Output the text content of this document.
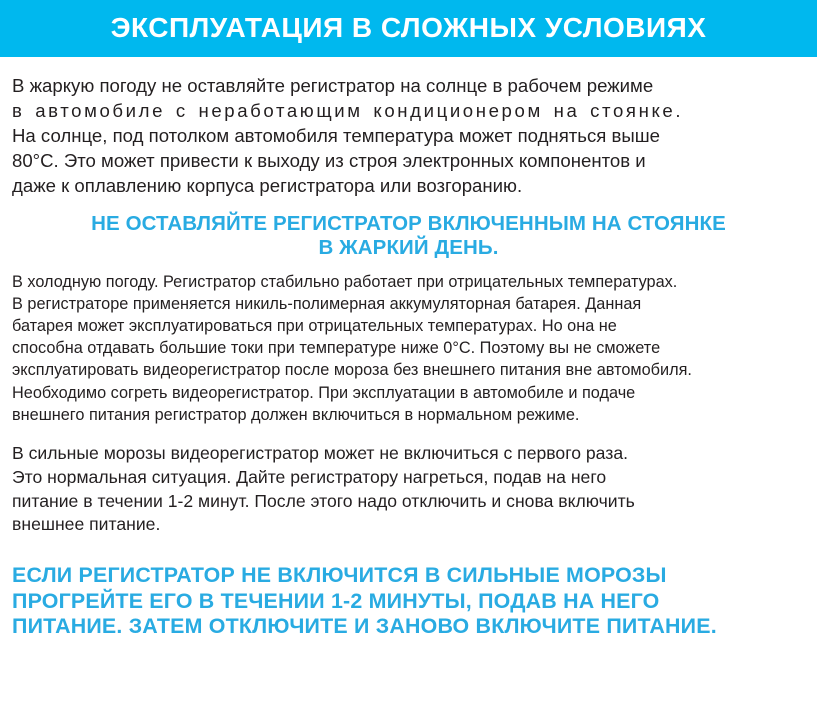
ЭКСПЛУАТАЦИЯ В СЛОЖНЫХ УСЛОВИЯХ

В жаркую погоду не оставляйте регистратор на солнце в рабочем режиме
в автомобиле с неработающим кондиционером на стоянке.
На солнце, под потолком автомобиля температура может подняться выше
80°C. Это может привести к выходу из строя электронных компонентов и
даже к оплавлению корпуса регистратора или возгоранию.

НЕ ОСТАВЛЯЙТЕ РЕГИСТРАТОР ВКЛЮЧЕННЫМ НА СТОЯНКЕ
В ЖАРКИЙ ДЕНЬ.

В холодную погоду. Регистратор стабильно работает при отрицательных температурах.
В регистраторе применяется никиль-полимерная аккумуляторная батарея. Данная
батарея может эксплуатироваться при отрицательных температурах. Но она не
способна отдавать большие токи при температуре ниже 0°C. Поэтому вы не сможете
эксплуатировать видеорегистратор после мороза без внешнего питания вне автомобиля.
Необходимо согреть видеорегистратор. При эксплуатации в автомобиле и подаче
внешнего питания регистратор должен включиться в нормальном режиме.

В сильные морозы видеорегистратор может не включиться с первого раза.
Это нормальная ситуация. Дайте регистратору нагреться, подав на него
питание в течении 1-2 минут. После этого надо отключить и снова включить
внешнее питание.

ЕСЛИ РЕГИСТРАТОР НЕ ВКЛЮЧИТСЯ В СИЛЬНЫЕ МОРОЗЫ
ПРОГРЕЙТЕ ЕГО В ТЕЧЕНИИ 1-2 МИНУТЫ, ПОДАВ НА НЕГО
ПИТАНИЕ. ЗАТЕМ ОТКЛЮЧИТЕ И ЗАНОВО ВКЛЮЧИТЕ ПИТАНИЕ.
